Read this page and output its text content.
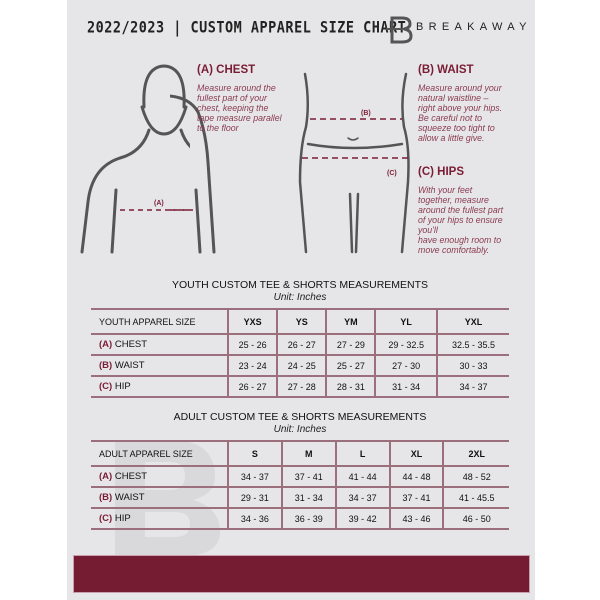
2022/2023 | CUSTOM APPAREL SIZE CHART BREAKAWAY
(A)
(B)
(C)
(A) CHEST
Measure around the
fullest part of your
chest, keeping the
tape measure parallel
to the floor
(B) WAIST
Measure around your
natural waistline –
right above your hips.
Be careful not to
squeeze too tight to
allow a little give.
(C) HIPS
With your feet
together, measure
around the fullest part
of your hips to ensure
you'll
have enough room to
move comfortably.
YOUTH CUSTOM TEE & SHORTS MEASUREMENTS
Unit: Inches
YOUTH APPAREL SIZE	YXS	YS	YM	YL	YXL
(A) CHEST	25 - 26	26 - 27	27 - 29	29 - 32.5	32.5 - 35.5
(B) WAIST	23 - 24	24 - 25	25 - 27	27 - 30	30 - 33
(C) HIP	26 - 27	27 - 28	28 - 31	31 - 34	34 - 37
ADULT CUSTOM TEE & SHORTS MEASUREMENTS
Unit: Inches
ADULT APPAREL SIZE	S	M	L	XL	2XL
(A) CHEST	34 - 37	37 - 41	41 - 44	44 - 48	48 - 52
(B) WAIST	29 - 31	31 - 34	34 - 37	37 - 41	41 - 45.5
(C) HIP	34 - 36	36 - 39	39 - 42	43 - 46	46 - 50
